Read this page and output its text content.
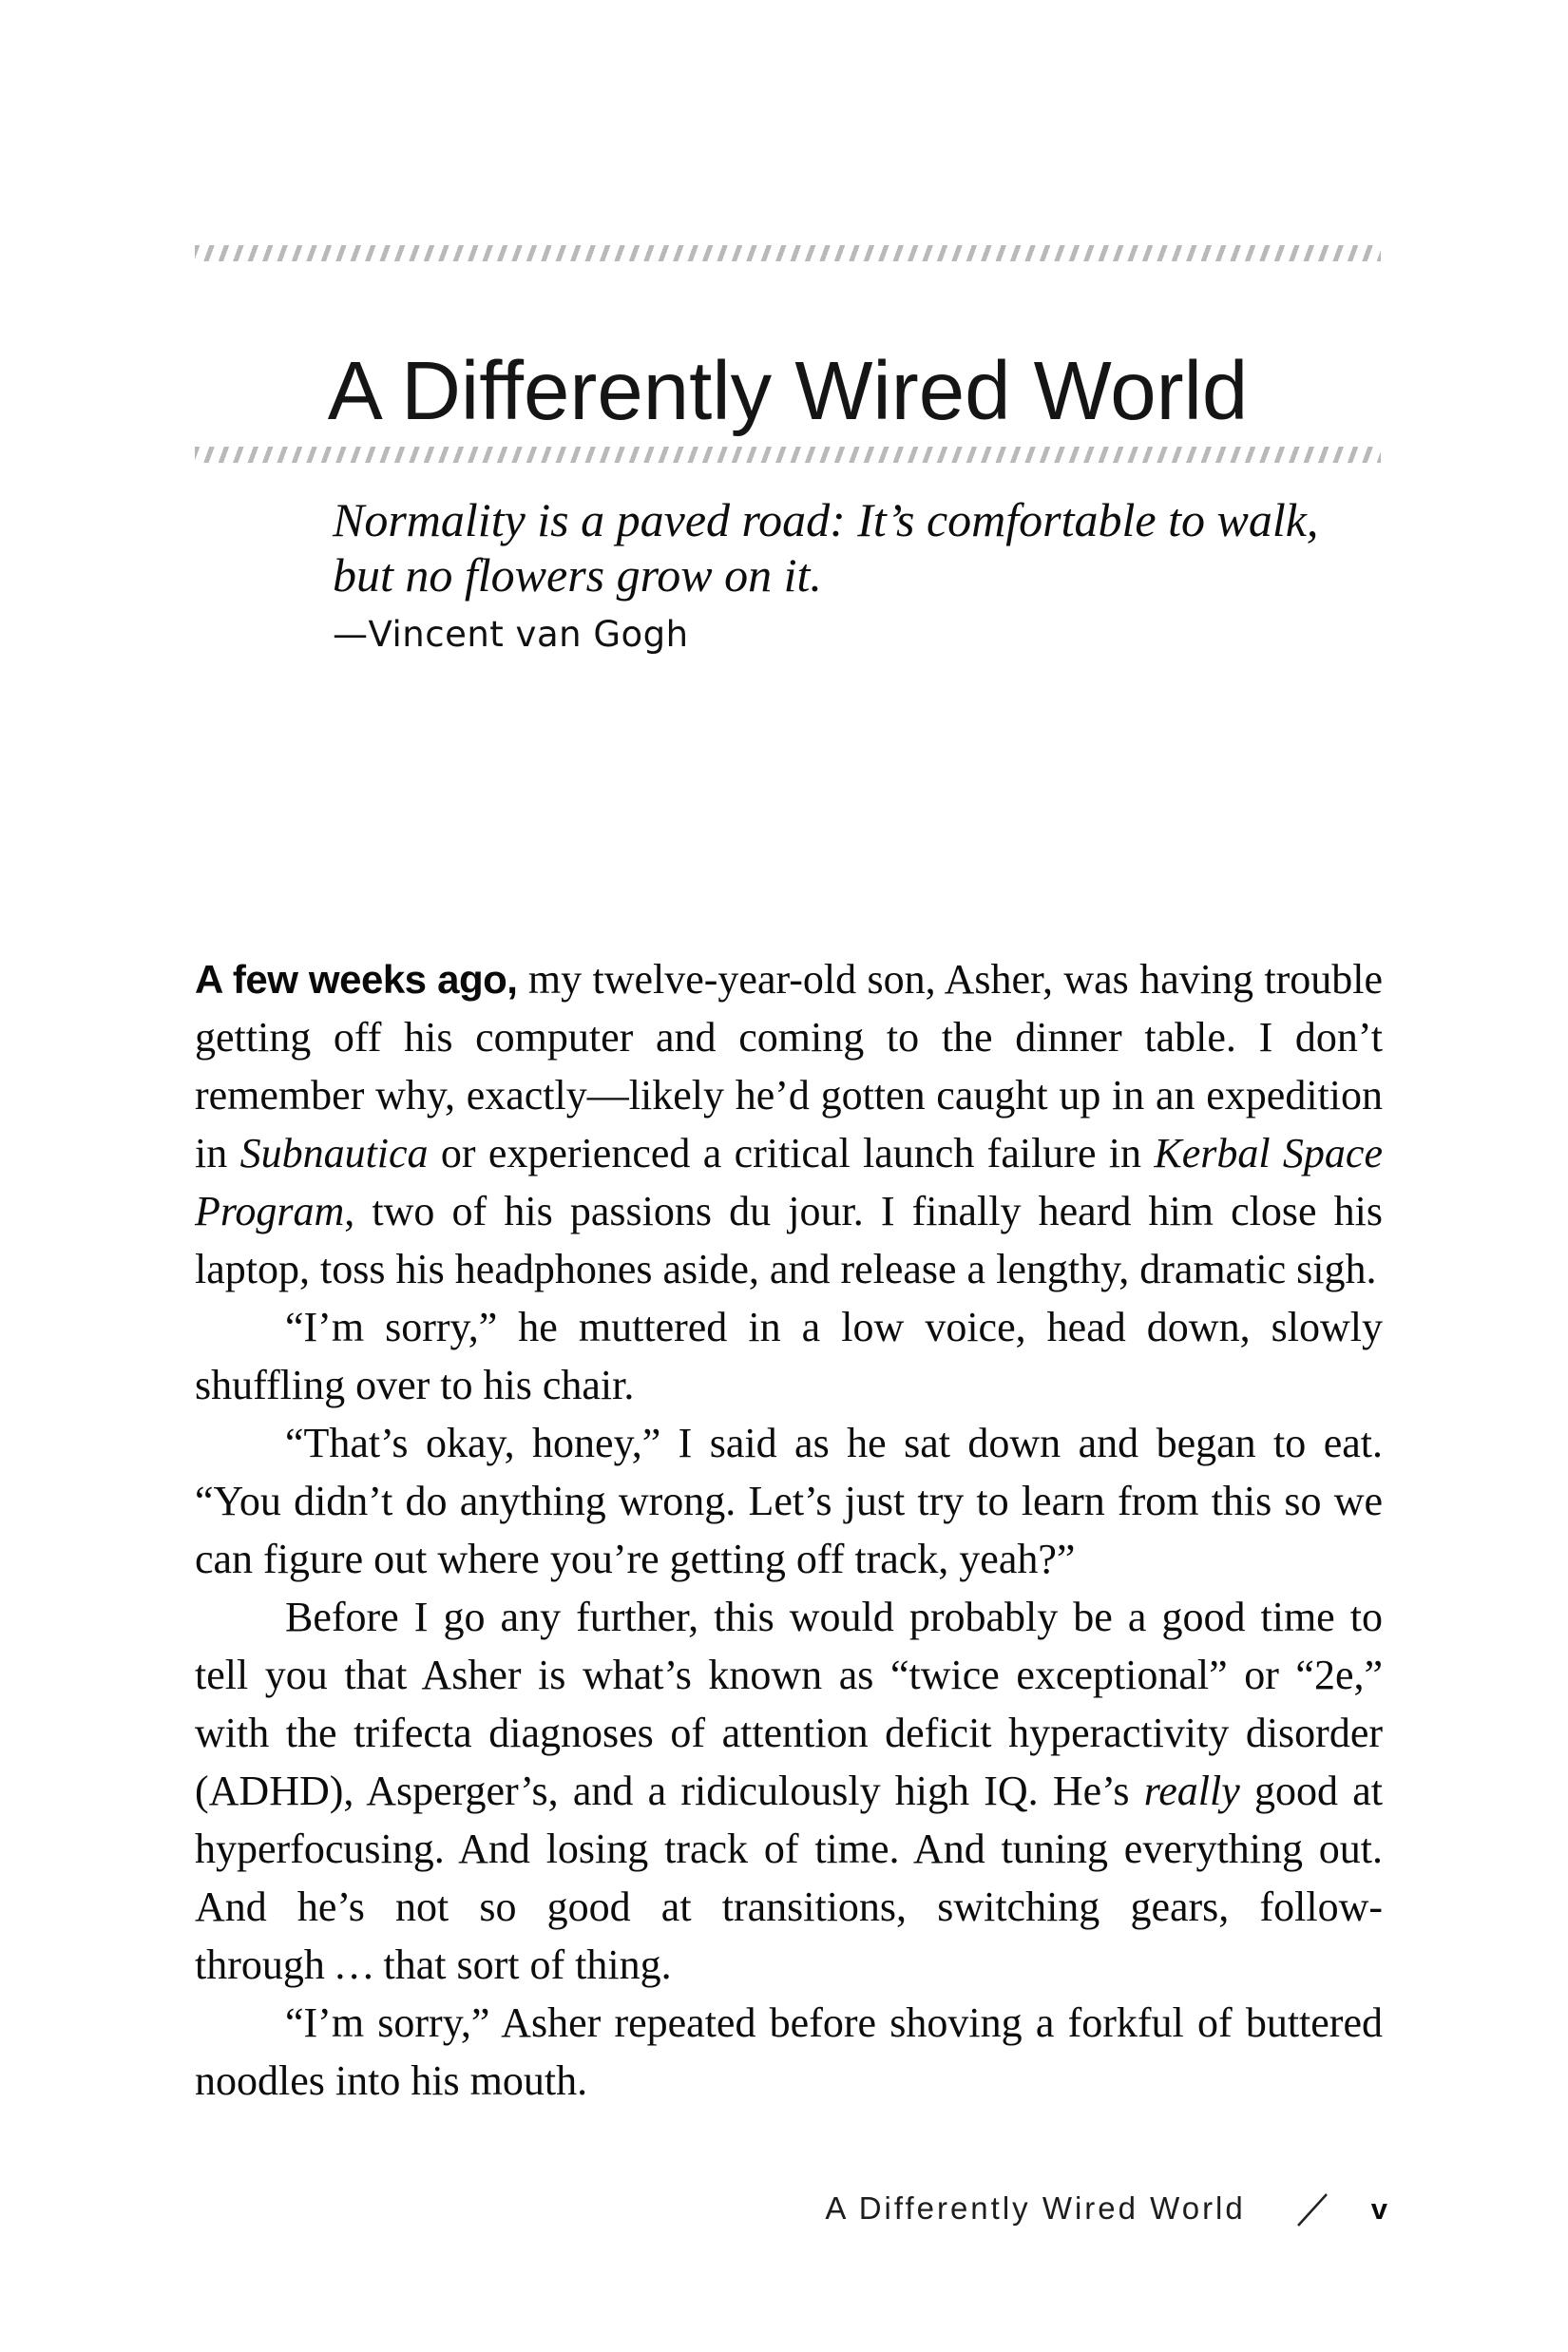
A Differently Wired World
Normality is a paved road: It’s comfortable to walk,
but no flowers grow on it.
—Vincent van Gogh

A few weeks ago, my twelve-year-old son, Asher, was having trouble getting off his computer and coming to the dinner table. I don’t remember why, exactly—likely he’d gotten caught up in an expedition in Subnautica or experienced a critical launch failure in Kerbal Space Program, two of his passions du jour. I finally heard him close his laptop, toss his headphones aside, and release a lengthy, dramatic sigh.

“I’m sorry,” he muttered in a low voice, head down, slowly shuffling over to his chair.

“That’s okay, honey,” I said as he sat down and began to eat. “You didn’t do anything wrong. Let’s just try to learn from this so we can figure out where you’re getting off track, yeah?”

Before I go any further, this would probably be a good time to tell you that Asher is what’s known as “twice exceptional” or “2e,” with the trifecta diagnoses of attention deficit hyperactivity disorder (ADHD), Asperger’s, and a ridiculously high IQ. He’s really good at hyperfocusing. And losing track of time. And tuning everything out. And he’s not so good at transitions, switching gears, follow-through … that sort of thing.

“I’m sorry,” Asher repeated before shoving a forkful of buttered noodles into his mouth.

A Differently Wired World	v
